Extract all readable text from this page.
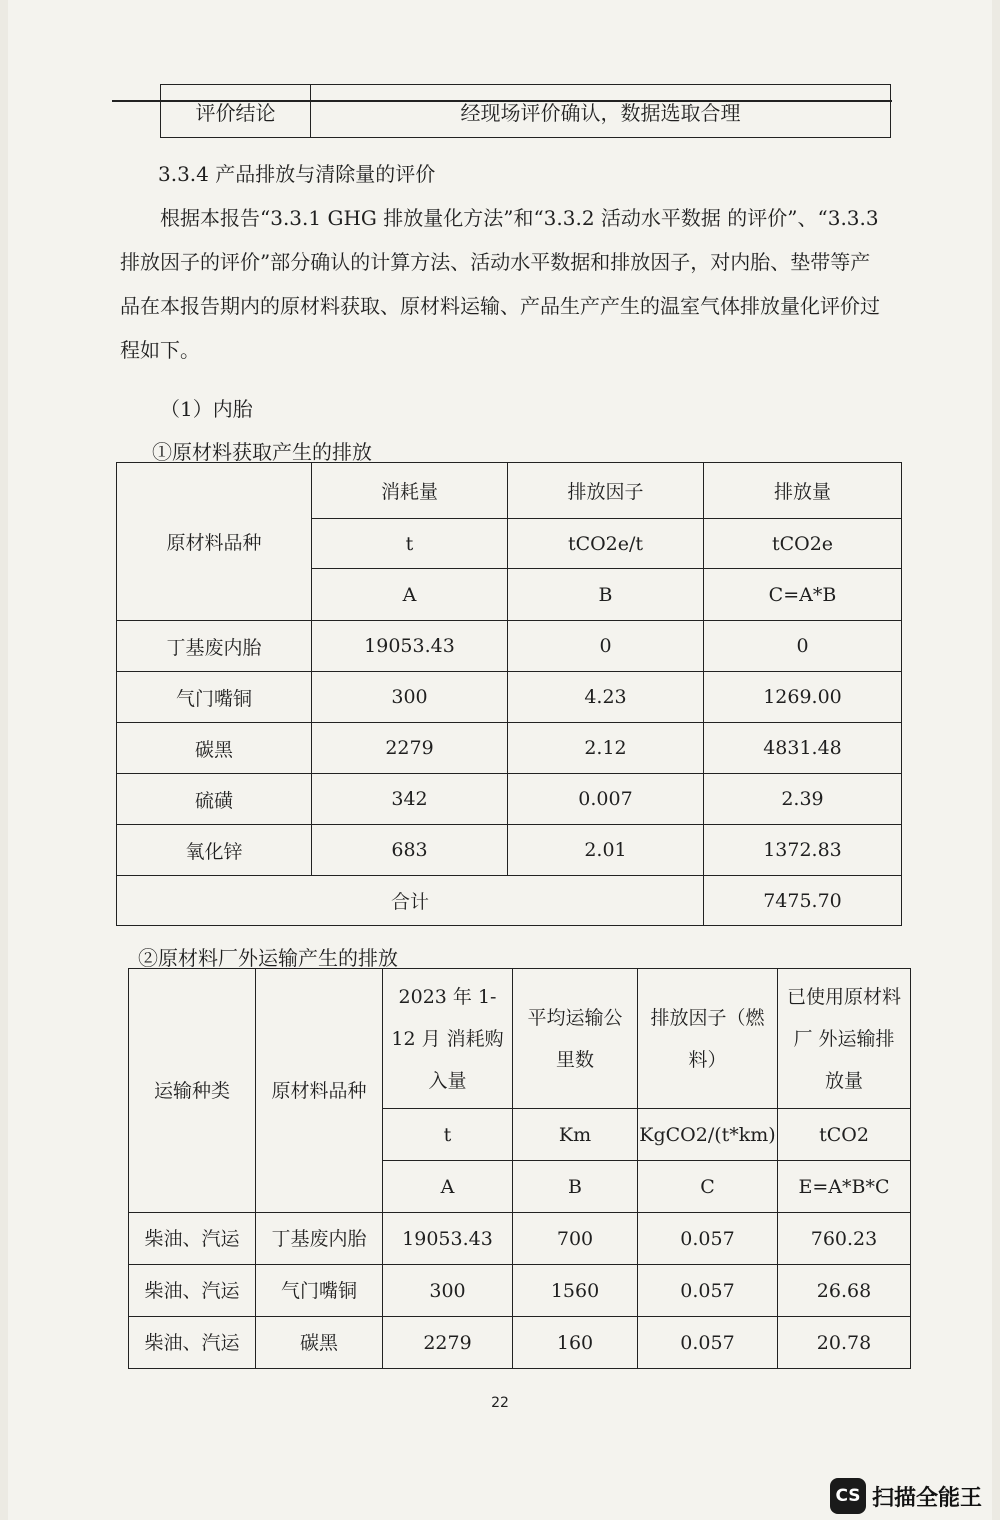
评价结论	经现场评价确认，数据选取合理
3.3.4 产品排放与清除量的评价
根据本报告“3.3.1 GHG 排放量化方法”和“3.3.2 活动水平数据 的评价”、“3.3.3 排放因子的评价”部分确认的计算方法、活动水平数据和排放因子，对内胎、垫带等产品在本报告期内的原材料获取、原材料运输、产品生产产生的温室气体排放量化评价过程如下。
（1）内胎
①原材料获取产生的排放
原材料品种	消耗量	排放因子	排放量
	t	tCO2e/t	tCO2e
	A	B	C=A*B
丁基废内胎	19053.43	0	0
气门嘴铜	300	4.23	1269.00
碳黑	2279	2.12	4831.48
硫磺	342	0.007	2.39
氧化锌	683	2.01	1372.83
合计			7475.70
②原材料厂外运输产生的排放
运输种类	原材料品种	2023 年 1-12 月 消耗购入量	平均运输公里数	排放因子（燃料）	已使用原材料厂 外运输排放量
		t	Km	KgCO2/(t*km)	tCO2
		A	B	C	E=A*B*C
柴油、汽运	丁基废内胎	19053.43	700	0.057	760.23
柴油、汽运	气门嘴铜	300	1560	0.057	26.68
柴油、汽运	碳黑	2279	160	0.057	20.78
22
CS 扫描全能王
